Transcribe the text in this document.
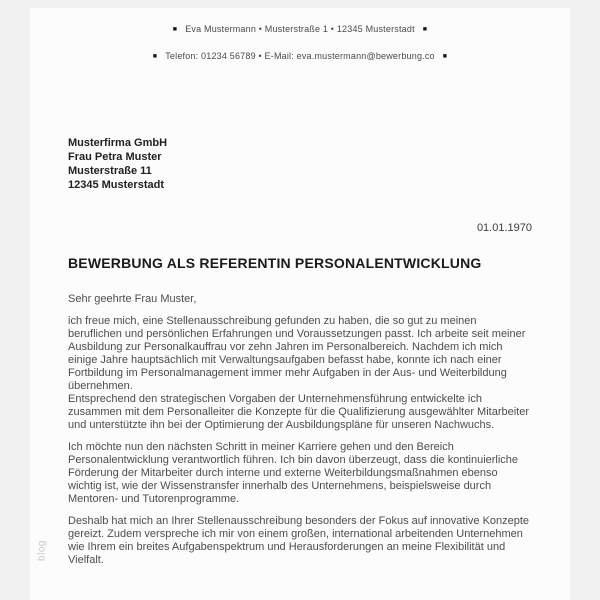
■ Eva Mustermann • Musterstraße 1 • 12345 Musterstadt ■
■ Telefon: 01234 56789 • E-Mail: eva.mustermann@bewerbung.co ■
Musterfirma GmbH
Frau Petra Muster
Musterstraße 11
12345 Musterstadt
01.01.1970
BEWERBUNG ALS REFERENTIN PERSONALENTWICKLUNG

Sehr geehrte Frau Muster,

ich freue mich, eine Stellenausschreibung gefunden zu haben, die so gut zu meinen beruflichen und persönlichen Erfahrungen und Voraussetzungen passt. Ich arbeite seit meiner Ausbildung zur Personalkauffrau vor zehn Jahren im Personalbereich. Nachdem ich mich einige Jahre hauptsächlich mit Verwaltungsaufgaben befasst habe, konnte ich nach einer Fortbildung im Personalmanagement immer mehr Aufgaben in der Aus- und Weiterbildung übernehmen.

Entsprechend den strategischen Vorgaben der Unternehmensführung entwickelte ich zusammen mit dem Personalleiter die Konzepte für die Qualifizierung ausgewählter Mitarbeiter und unterstützte ihn bei der Optimierung der Ausbildungspläne für unseren Nachwuchs.

Ich möchte nun den nächsten Schritt in meiner Karriere gehen und den Bereich Personalentwicklung verantwortlich führen. Ich bin davon überzeugt, dass die kontinuierliche Förderung der Mitarbeiter durch interne und externe Weiterbildungsmaßnahmen ebenso wichtig ist, wie der Wissenstransfer innerhalb des Unternehmens, beispielsweise durch Mentoren- und Tutorenprogramme.

Deshalb hat mich an Ihrer Stellenausschreibung besonders der Fokus auf innovative Konzepte gereizt. Zudem verspreche ich mir von einem großen, international arbeitenden Unternehmen wie Ihrem ein breites Aufgabenspektrum und Herausforderungen an meine Flexibilität und Vielfalt.

blog
